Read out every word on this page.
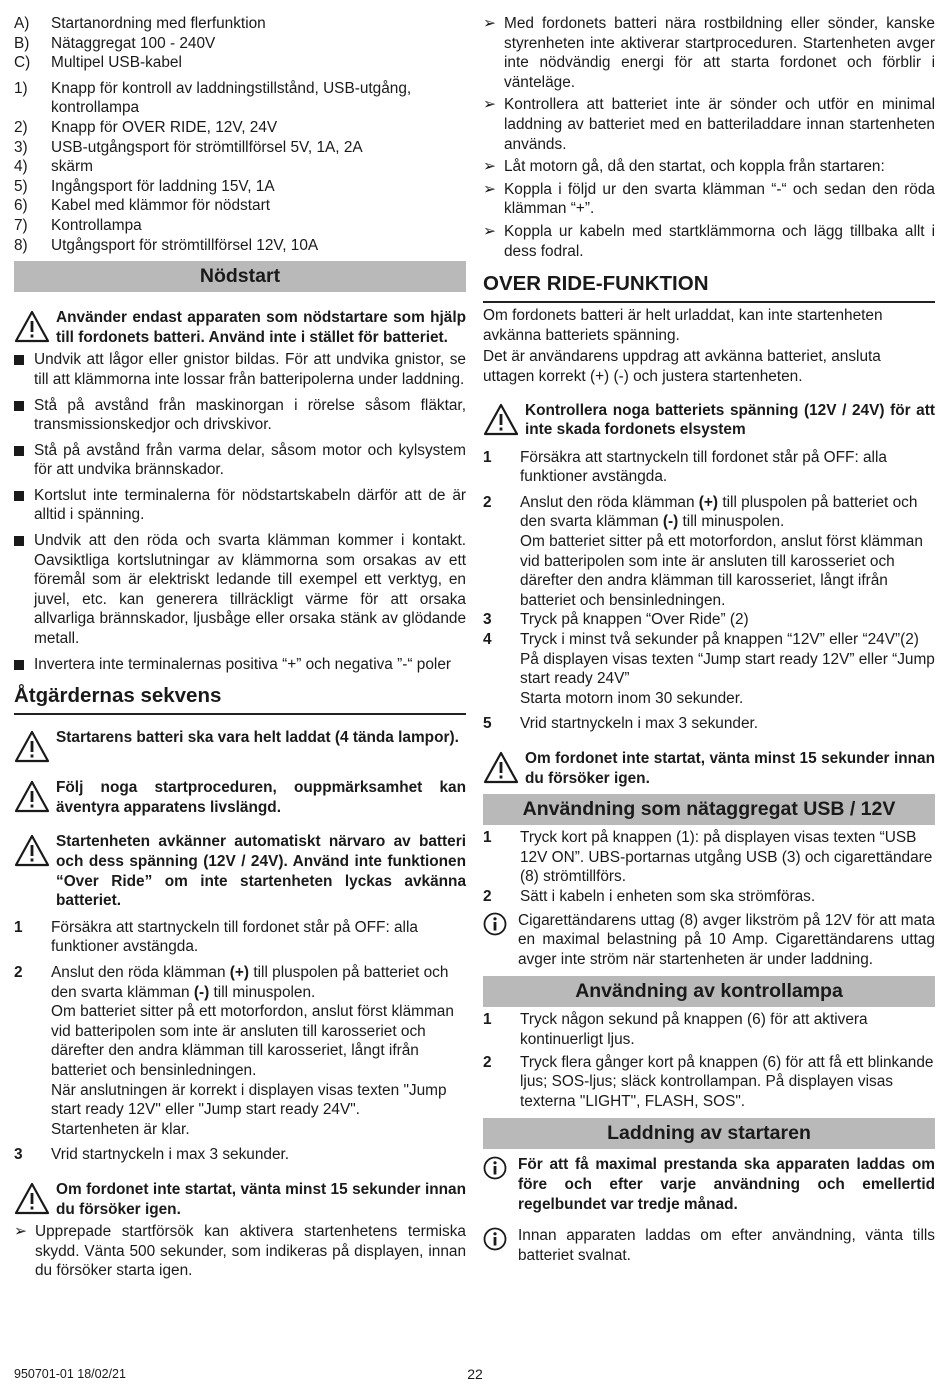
A)	Startanordning med flerfunktion
B)	Nätaggregat 100 - 240V
C)	Multipel USB-kabel
1)	Knapp för kontroll av laddningstillstånd, USB-utgång, kontrollampa
2)	Knapp för OVER RIDE, 12V, 24V
3)	USB-utgångsport för strömtillförsel 5V, 1A, 2A
4)	skärm
5)	Ingångsport för laddning 15V, 1A
6)	Kabel med klämmor för nödstart
7)	Kontrollampa
8)	Utgångsport för strömtillförsel 12V, 10A
Nödstart
Använder endast apparaten som nödstartare som hjälp till fordonets batteri. Använd inte i stället för batteriet.
Undvik att lågor eller gnistor bildas. För att undvika gnistor, se till att klämmorna inte lossar från batteripolerna under laddning.
Stå på avstånd från maskinorgan i rörelse såsom fläktar, transmissionskedjor och drivskivor.
Stå på avstånd från varma delar, såsom motor och kylsystem för att undvika brännskador.
Kortslut inte terminalerna för nödstartskabeln därför att de är alltid i spänning.
Undvik att den röda och svarta klämman kommer i kontakt. Oavsiktliga kortslutningar av klämmorna som orsakas av ett föremål som är elektriskt ledande till exempel ett verktyg, en juvel, etc. kan generera tillräckligt värme för att orsaka allvarliga brännskador, ljusbåge eller orsaka stänk av glödande metall.
Invertera inte terminalernas positiva “+” och negativa ”-“ poler
Åtgärdernas sekvens
Startarens batteri ska vara helt laddat (4 tända lampor).
Följ noga startproceduren, ouppmärksamhet kan äventyra apparatens livslängd.
Startenheten avkänner automatiskt närvaro av batteri och dess spänning (12V / 24V). Använd inte funktionen “Over Ride” om inte startenheten lyckas avkänna batteriet.
1	Försäkra att startnyckeln till fordonet står på OFF: alla funktioner avstängda.
2	Anslut den röda klämman (+) till pluspolen på batteriet och den svarta klämman (-) till minuspolen.
Om batteriet sitter på ett motorfordon, anslut först klämman vid batteripolen som inte är ansluten till karosseriet och därefter den andra klämman till karosseriet, långt ifrån batteriet och bensinledningen.
När anslutningen är korrekt i displayen visas texten "Jump start ready 12V" eller "Jump start ready 24V".
Startenheten är klar.
3	Vrid startnyckeln i max 3 sekunder.
Om fordonet inte startat, vänta minst 15 sekunder innan du försöker igen.
➢ Upprepade startförsök kan aktivera startenhetens termiska skydd. Vänta 500 sekunder, som indikeras på displayen, innan du försöker starta igen.
➢ Med fordonets batteri nära rostbildning eller sönder, kanske styrenheten inte aktiverar startproceduren. Startenheten avger inte nödvändig energi för att starta fordonet och förblir i vänteläge.
➢ Kontrollera att batteriet inte är sönder och utför en minimal laddning av batteriet med en batteriladdare innan startenheten används.
➢ Låt motorn gå, då den startat, och koppla från startaren:
➢ Koppla i följd ur den svarta klämman “-“ och sedan den röda klämman “+”.
➢ Koppla ur kabeln med startklämmorna och lägg tillbaka allt i dess fodral.
OVER RIDE-FUNKTION
Om fordonets batteri är helt urladdat, kan inte startenheten avkänna batteriets spänning.
Det är användarens uppdrag att avkänna batteriet, ansluta uttagen korrekt (+) (-) och justera startenheten.
Kontrollera noga batteriets spänning (12V / 24V) för att inte skada fordonets elsystem
1	Försäkra att startnyckeln till fordonet står på OFF: alla funktioner avstängda.
2	Anslut den röda klämman (+) till pluspolen på batteriet och den svarta klämman (-) till minuspolen.
Om batteriet sitter på ett motorfordon, anslut först klämman vid batteripolen som inte är ansluten till karosseriet och därefter den andra klämman till karosseriet, långt ifrån batteriet och bensinledningen.
3	Tryck på knappen “Over Ride” (2)
4	Tryck i minst två sekunder på knappen “12V” eller “24V”(2)
På displayen visas texten “Jump start ready 12V” eller “Jump start ready 24V”
Starta motorn inom 30 sekunder.
5	Vrid startnyckeln i max 3 sekunder.
Om fordonet inte startat, vänta minst 15 sekunder innan du försöker igen.
Användning som nätaggregat USB / 12V
1	Tryck kort på knappen (1): på displayen visas texten “USB 12V ON”. UBS-portarnas utgång USB (3) och cigarettändare (8) strömtillförs.
2	Sätt i kabeln i enheten som ska strömföras.
Cigarettändarens uttag (8) avger likström på 12V för att mata en maximal belastning på 10 Amp. Cigarettändarens uttag avger inte ström när startenheten är under laddning.
Användning av kontrollampa
1	Tryck någon sekund på knappen (6) för att aktivera kontinuerligt ljus.
2	Tryck flera gånger kort på knappen (6) för att få ett blinkande ljus; SOS-ljus; släck kontrollampan. På displayen visas texterna "LIGHT", FLASH, SOS".
Laddning av startaren
För att få maximal prestanda ska apparaten laddas om före och efter varje användning och emellertid regelbundet var tredje månad.
Innan apparaten laddas om efter användning, vänta tills batteriet svalnat.
950701-01 18/02/21	22
